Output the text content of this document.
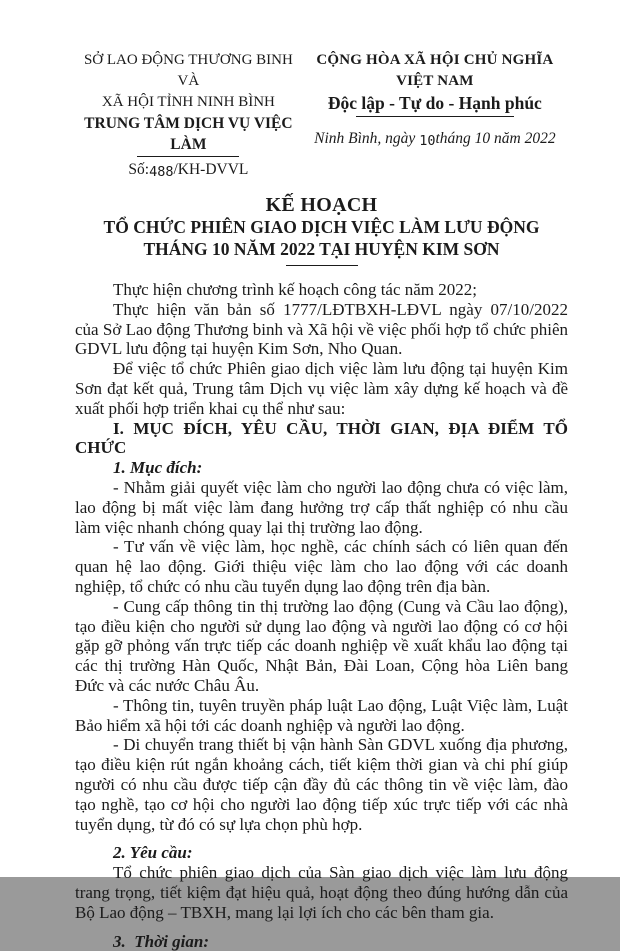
SỞ LAO ĐỘNG THƯƠNG BINH VÀ
XÃ HỘI TỈNH NINH BÌNH
TRUNG TÂM DỊCH VỤ VIỆC LÀM
Số:488/KH-DVVL
CỘNG HÒA XÃ HỘI CHỦ NGHĨA VIỆT NAM
Độc lập - Tự do - Hạnh phúc
Ninh Bình, ngày 10tháng 10 năm 2022
KẾ HOẠCH
TỔ CHỨC PHIÊN GIAO DỊCH VIỆC LÀM LƯU ĐỘNG
THÁNG 10 NĂM 2022 TẠI HUYỆN KIM SƠN

Thực hiện chương trình kế hoạch công tác năm 2022;

Thực hiện văn bản số 1777/LĐTBXH-LĐVL ngày 07/10/2022 của Sở Lao động Thương binh và Xã hội về việc phối hợp tổ chức phiên GDVL lưu động tại huyện Kim Sơn, Nho Quan.

Để việc tổ chức Phiên giao dịch việc làm lưu động tại huyện Kim Sơn đạt kết quả, Trung tâm Dịch vụ việc làm xây dựng kế hoạch và đề xuất phối hợp triển khai cụ thể như sau:

I. MỤC ĐÍCH, YÊU CẦU, THỜI GIAN, ĐỊA ĐIỂM TỔ CHỨC

1. Mục đích:

- Nhằm giải quyết việc làm cho người lao động chưa có việc làm, lao động bị mất việc làm đang hưởng trợ cấp thất nghiệp có nhu cầu làm việc nhanh chóng quay lại thị trường lao động.

- Tư vấn về việc làm, học nghề, các chính sách có liên quan đến quan hệ lao động. Giới thiệu việc làm cho lao động với các doanh nghiệp, tổ chức có nhu cầu tuyển dụng lao động trên địa bàn.

- Cung cấp thông tin thị trường lao động (Cung và Cầu lao động), tạo điều kiện cho người sử dụng lao động và người lao động có cơ hội gặp gỡ phỏng vấn trực tiếp các doanh nghiệp về xuất khẩu lao động tại các thị trường Hàn Quốc, Nhật Bản, Đài Loan, Cộng hòa Liên bang Đức và các nước Châu Âu.

- Thông tin, tuyên truyền pháp luật Lao động, Luật Việc làm, Luật Bảo hiểm xã hội tới các doanh nghiệp và người lao động.

- Di chuyển trang thiết bị vận hành Sàn GDVL xuống địa phương, tạo điều kiện rút ngắn khoảng cách, tiết kiệm thời gian và chi phí giúp người có nhu cầu được tiếp cận đầy đủ các thông tin về việc làm, đào tạo nghề, tạo cơ hội cho người lao động tiếp xúc trực tiếp với các nhà tuyển dụng, từ đó có sự lựa chọn phù hợp.

2. Yêu cầu:

Tổ chức phiên giao dịch của Sàn giao dịch việc làm lưu động trang trọng, tiết kiệm đạt hiệu quả, hoạt động theo đúng hướng dẫn của Bộ Lao động – TBXH, mang lại lợi ích cho các bên tham gia.

3.  Thời gian:
